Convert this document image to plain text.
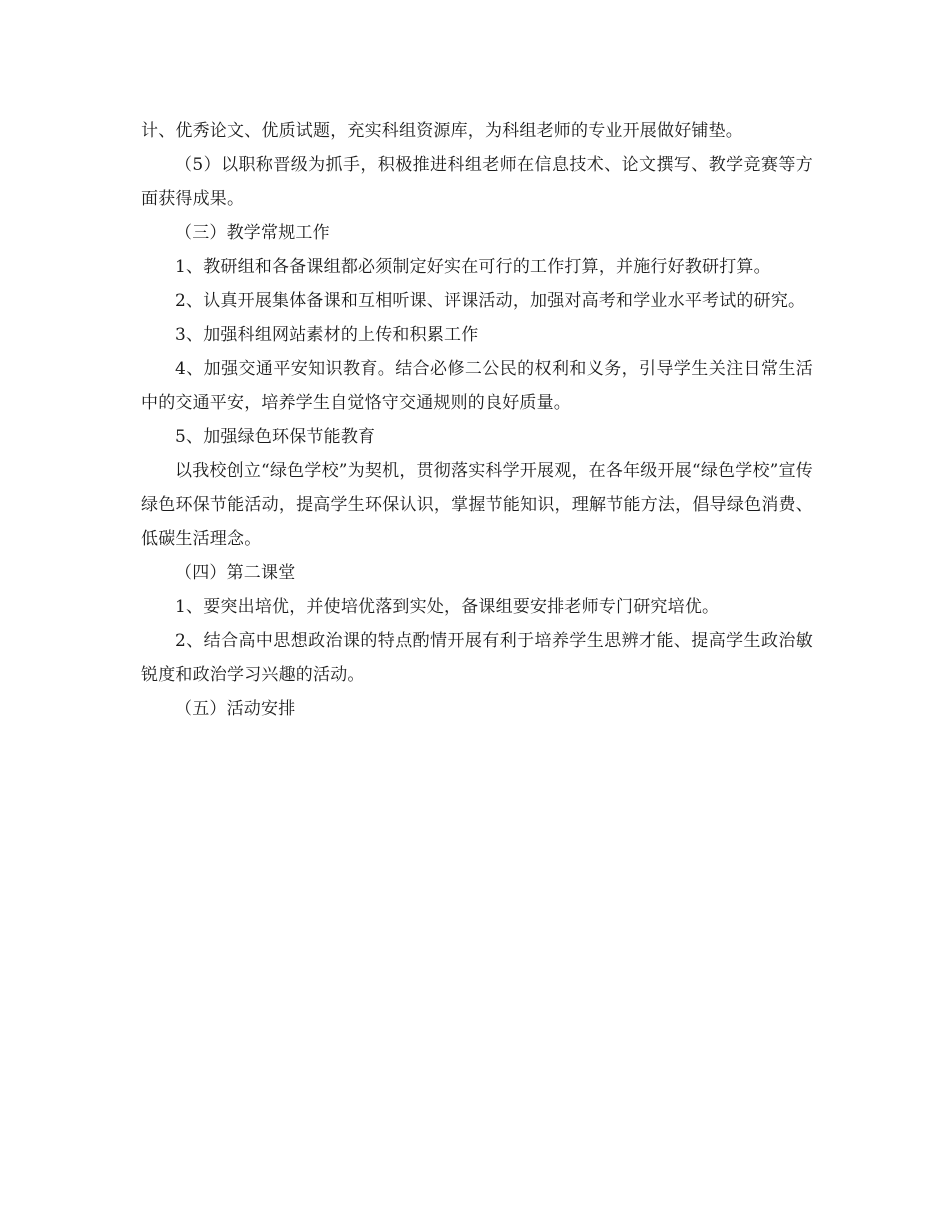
计、优秀论文、优质试题，充实科组资源库，为科组老师的专业开展做好铺垫。

（5）以职称晋级为抓手，积极推进科组老师在信息技术、论文撰写、教学竞赛等方面获得成果。

（三）教学常规工作

1、教研组和各备课组都必须制定好实在可行的工作打算，并施行好教研打算。

2、认真开展集体备课和互相听课、评课活动，加强对高考和学业水平考试的研究。

3、加强科组网站素材的上传和积累工作

4、加强交通平安知识教育。结合必修二公民的权利和义务，引导学生关注日常生活中的交通平安，培养学生自觉恪守交通规则的良好质量。

5、加强绿色环保节能教育

以我校创立“绿色学校”为契机，贯彻落实科学开展观，在各年级开展“绿色学校”宣传绿色环保节能活动，提高学生环保认识，掌握节能知识，理解节能方法，倡导绿色消费、低碳生活理念。

（四）第二课堂

1、要突出培优，并使培优落到实处，备课组要安排老师专门研究培优。

2、结合高中思想政治课的特点酌情开展有利于培养学生思辨才能、提高学生政治敏锐度和政治学习兴趣的活动。

（五）活动安排
